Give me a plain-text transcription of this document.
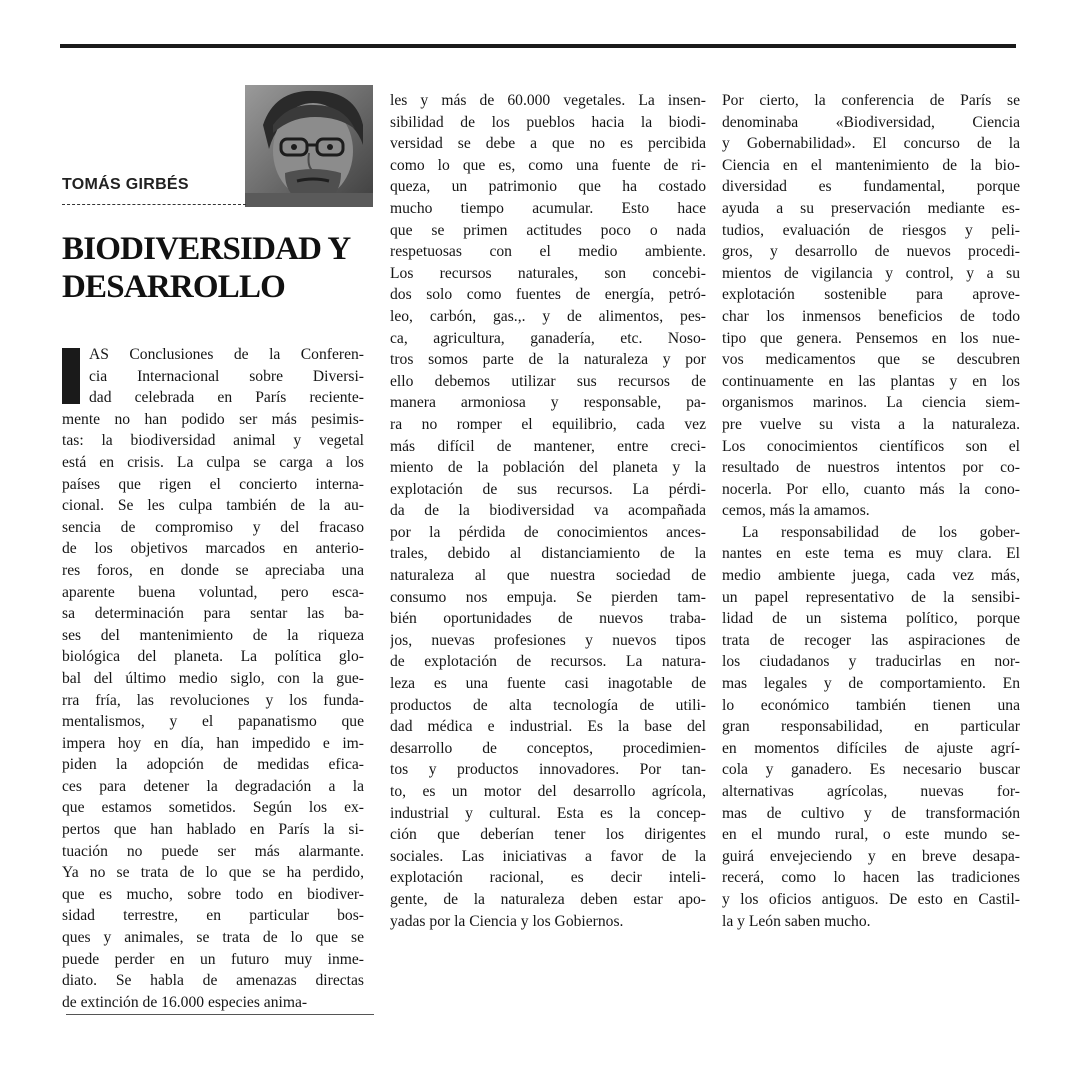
TOMÁS GIRBÉS
BIODIVERSIDAD Y
DESARROLLO
AS Conclusiones de la Conferen-
cia Internacional sobre Diversi-
dad celebrada en París reciente-
mente no han podido ser más pesimis-
tas: la biodiversidad animal y vegetal
está en crisis. La culpa se carga a los
países que rigen el concierto interna-
cional. Se les culpa también de la au-
sencia de compromiso y del fracaso
de los objetivos marcados en anterio-
res foros, en donde se apreciaba una
aparente buena voluntad, pero esca-
sa determinación para sentar las ba-
ses del mantenimiento de la riqueza
biológica del planeta. La política glo-
bal del último medio siglo, con la gue-
rra fría, las revoluciones y los funda-
mentalismos, y el papanatismo que
impera hoy en día, han impedido e im-
piden la adopción de medidas efica-
ces para detener la degradación a la
que estamos sometidos. Según los ex-
pertos que han hablado en París la si-
tuación no puede ser más alarmante.
Ya no se trata de lo que se ha perdido,
que es mucho, sobre todo en biodiver-
sidad terrestre, en particular bos-
ques y animales, se trata de lo que se
puede perder en un futuro muy inme-
diato. Se habla de amenazas directas
de extinción de 16.000 especies anima-
les y más de 60.000 vegetales. La insen-
sibilidad de los pueblos hacia la biodi-
versidad se debe a que no es percibida
como lo que es, como una fuente de ri-
queza, un patrimonio que ha costado
mucho tiempo acumular. Esto hace
que se primen actitudes poco o nada
respetuosas con el medio ambiente.
Los recursos naturales, son concebi-
dos solo como fuentes de energía, petró-
leo, carbón, gas.,. y de alimentos, pes-
ca, agricultura, ganadería, etc. Noso-
tros somos parte de la naturaleza y por
ello debemos utilizar sus recursos de
manera armoniosa y responsable, pa-
ra no romper el equilibrio, cada vez
más difícil de mantener, entre creci-
miento de la población del planeta y la
explotación de sus recursos. La pérdi-
da de la biodiversidad va acompañada
por la pérdida de conocimientos ances-
trales, debido al distanciamiento de la
naturaleza al que nuestra sociedad de
consumo nos empuja. Se pierden tam-
bién oportunidades de nuevos traba-
jos, nuevas profesiones y nuevos tipos
de explotación de recursos. La natura-
leza es una fuente casi inagotable de
productos de alta tecnología de utili-
dad médica e industrial. Es la base del
desarrollo de conceptos, procedimien-
tos y productos innovadores. Por tan-
to, es un motor del desarrollo agrícola,
industrial y cultural. Esta es la concep-
ción que deberían tener los dirigentes
sociales. Las iniciativas a favor de la
explotación racional, es decir inteli-
gente, de la naturaleza deben estar apo-
yadas por la Ciencia y los Gobiernos.
Por cierto, la conferencia de París se
denominaba «Biodiversidad, Ciencia
y Gobernabilidad». El concurso de la
Ciencia en el mantenimiento de la bio-
diversidad es fundamental, porque
ayuda a su preservación mediante es-
tudios, evaluación de riesgos y peli-
gros, y desarrollo de nuevos procedi-
mientos de vigilancia y control, y a su
explotación sostenible para aprove-
char los inmensos beneficios de todo
tipo que genera. Pensemos en los nue-
vos medicamentos que se descubren
continuamente en las plantas y en los
organismos marinos. La ciencia siem-
pre vuelve su vista a la naturaleza.
Los conocimientos científicos son el
resultado de nuestros intentos por co-
nocerla. Por ello, cuanto más la cono-
cemos, más la amamos.
La responsabilidad de los gober-
nantes en este tema es muy clara. El
medio ambiente juega, cada vez más,
un papel representativo de la sensibi-
lidad de un sistema político, porque
trata de recoger las aspiraciones de
los ciudadanos y traducirlas en nor-
mas legales y de comportamiento. En
lo económico también tienen una
gran responsabilidad, en particular
en momentos difíciles de ajuste agrí-
cola y ganadero. Es necesario buscar
alternativas agrícolas, nuevas for-
mas de cultivo y de transformación
en el mundo rural, o este mundo se-
guirá envejeciendo y en breve desapa-
recerá, como lo hacen las tradiciones
y los oficios antiguos. De esto en Castil-
la y León saben mucho.
